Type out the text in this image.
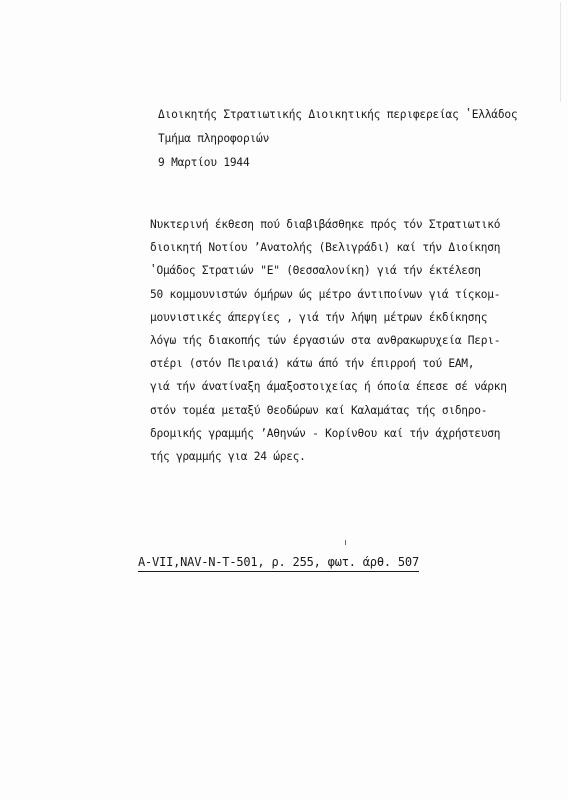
Διοικητής Στρατιωτικής Διοικητικής περιφερείας ʽΕλλάδος
Τμήμα πληροφοριών
9 Μαρτίου 1944
Νυκτερινή έκθεση πού διαβιβάσθηκε πρός τόν Στρατιωτικό
διοικητή Νοτίου ʼΑνατολής (Βελιγράδι) καί τήν Διοίκηση
ʽΟμάδος Στρατιών "Ε" (Θεσσαλονίκη) γιά τήν έκτέλεση
50 κομμουνιστών όμήρων ώς μέτρο άντιποίνων γιά τίςκομ-
μουνιστικές άπεργίες , γιά τήν λήψη μέτρων έκδίκησης
λόγω τής διακοπής τών έργασιών στα ανθρακωρυχεία Περι-
στέρι (στόν Πειραιά) κάτω άπό τήν έπιρροή τού ΕΑΜ,
γιά τήν άνατίναξη άμαξοστοιχείας ή όποία έπεσε σέ νάρκη
στόν τομέα μεταξύ Θεοδώρων καί Καλαμάτας τής σιδηρο-
δρομικής γραμμής ʼΑθηνών - Κορίνθου καί τήν άχρήστευση
τής γραμμής για 24 ώρες.
A-VII,NAV-N-T-501, ρ. 255, φωτ. άρθ. 507
